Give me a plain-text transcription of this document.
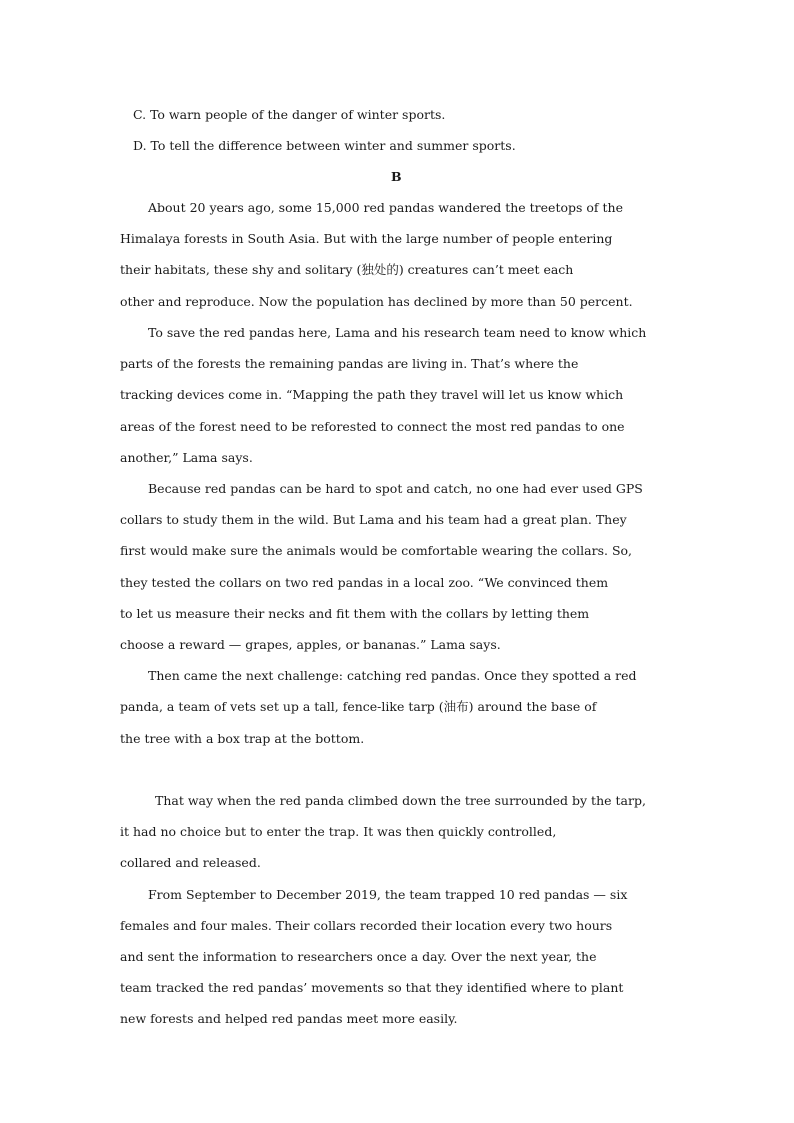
C. To warn people of the danger of winter sports.
D. To tell the difference between winter and summer sports.
B
About 20 years ago, some 15,000 red pandas wandered the treetops of the
Himalaya forests in South Asia. But with the large number of people entering
their habitats, these shy and solitary (独处的) creatures can’t meet each
other and reproduce. Now the population has declined by more than 50 percent.
To save the red pandas here, Lama and his research team need to know which
parts of the forests the remaining pandas are living in. That’s where the
tracking devices come in. “Mapping the path they travel will let us know which
areas of the forest need to be reforested to connect the most red pandas to one
another,” Lama says.
Because red pandas can be hard to spot and catch, no one had ever used GPS
collars to study them in the wild. But Lama and his team had a great plan. They
first would make sure the animals would be comfortable wearing the collars. So,
they tested the collars on two red pandas in a local zoo. “We convinced them
to let us measure their necks and fit them with the collars by letting them
choose a reward — grapes, apples, or bananas.” Lama says.
Then came the next challenge: catching red pandas. Once they spotted a red
panda, a team of vets set up a tall, fence-like tarp (油布) around the base of
the tree with a box trap at the bottom.
That way when the red panda climbed down the tree surrounded by the tarp,
it had no choice but to enter the trap. It was then quickly controlled,
collared and released.
From September to December 2019, the team trapped 10 red pandas — six
females and four males. Their collars recorded their location every two hours
and sent the information to researchers once a day. Over the next year, the
team tracked the red pandas’ movements so that they identified where to plant
new forests and helped red pandas meet more easily.
